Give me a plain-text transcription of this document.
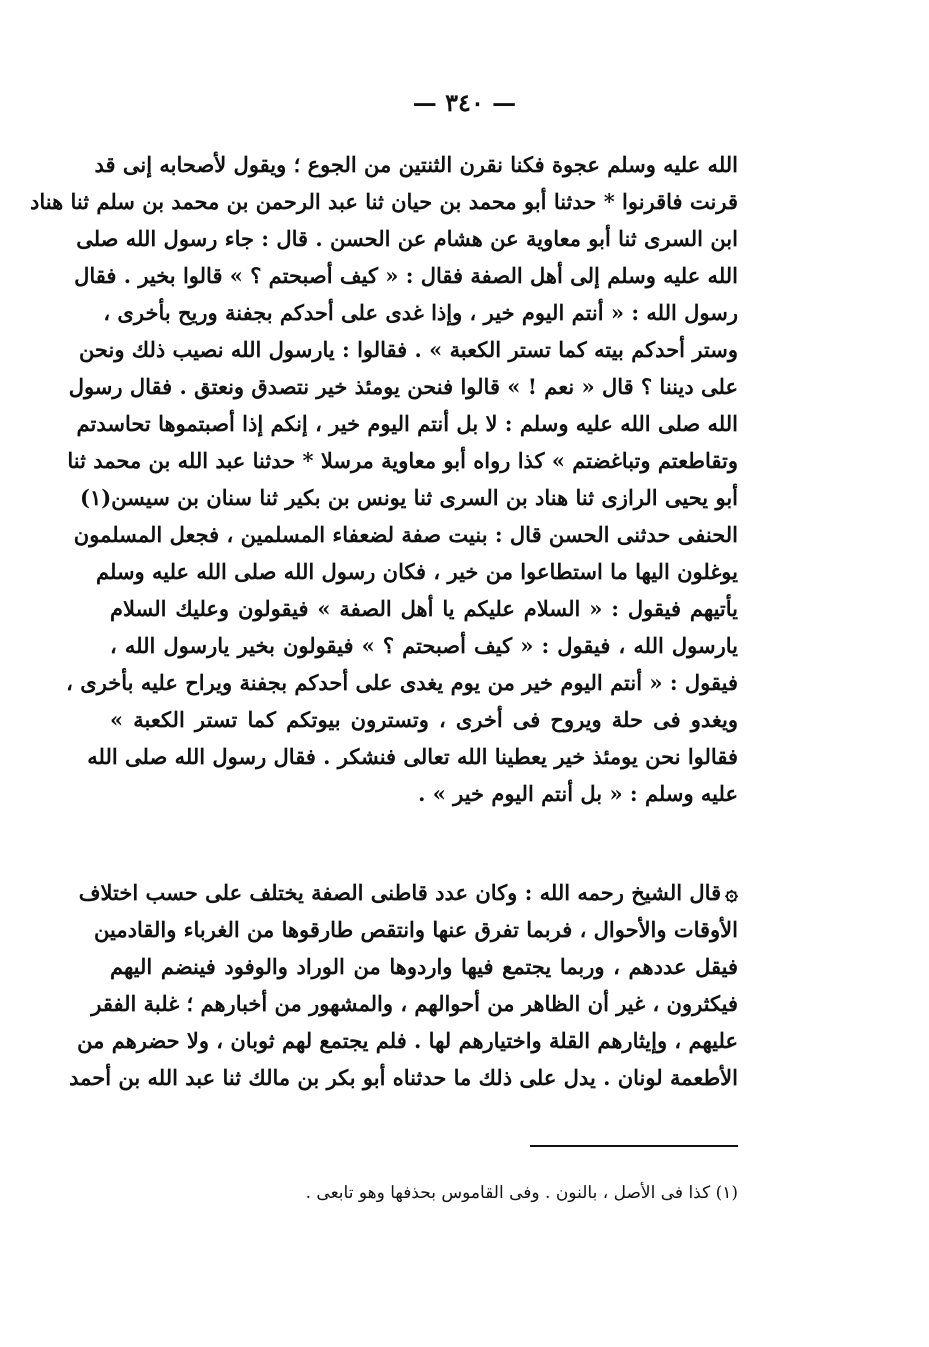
— ٣٤٠ —
الله عليه وسلم عجوة فكنا نقرن الثنتين من الجوع ؛ ويقول لأصحابه إنى قد
قرنت فاقرنوا * حدثنا أبو محمد بن حيان ثنا عبد الرحمن بن محمد بن سلم ثنا هناد
ابن السرى ثنا أبو معاوية عن هشام عن الحسن . قال : جاء رسول الله صلى
الله عليه وسلم إلى أهل الصفة فقال : « كيف أصبحتم ؟ » قالوا بخير . فقال
رسول الله : « أنتم اليوم خير ، وإذا غدى على أحدكم بجفنة وريح بأخرى ،
وستر أحدكم بيته كما تستر الكعبة » . فقالوا : يارسول الله نصيب ذلك ونحن
على ديننا ؟ قال « نعم ! » قالوا فنحن يومئذ خير نتصدق ونعتق . فقال رسول
الله صلى الله عليه وسلم : لا بل أنتم اليوم خير ، إنكم إذا أصبتموها تحاسدتم
وتقاطعتم وتباغضتم » كذا رواه أبو معاوية مرسلا * حدثنا عبد الله بن محمد ثنا
أبو يحيى الرازى ثنا هناد بن السرى ثنا يونس بن بكير ثنا سنان بن سيسن(١)
الحنفى حدثنى الحسن قال : بنيت صفة لضعفاء المسلمين ، فجعل المسلمون
يوغلون اليها ما استطاعوا من خير ، فكان رسول الله صلى الله عليه وسلم
يأتيهم فيقول : « السلام عليكم يا أهل الصفة » فيقولون وعليك السلام
يارسول الله ، فيقول : « كيف أصبحتم ؟ » فيقولون بخير يارسول الله ،
فيقول : « أنتم اليوم خير من يوم يغدى على أحدكم بجفنة ويراح عليه بأخرى ،
ويغدو فى حلة ويروح فى أخرى ، وتسترون بيوتكم كما تستر الكعبة »
فقالوا نحن يومئذ خير يعطينا الله تعالى فنشكر . فقال رسول الله صلى الله
عليه وسلم : « بل أنتم اليوم خير » .
۞قال الشيخ رحمه الله : وكان عدد قاطنى الصفة يختلف على حسب اختلاف
الأوقات والأحوال ، فربما تفرق عنها وانتقص طارقوها من الغرباء والقادمين
فيقل عددهم ، وربما يجتمع فيها واردوها من الوراد والوفود فينضم اليهم
فيكثرون ، غير أن الظاهر من أحوالهم ، والمشهور من أخبارهم ؛ غلبة الفقر
عليهم ، وإيثارهم القلة واختيارهم لها . فلم يجتمع لهم ثوبان ، ولا حضرهم من
الأطعمة لونان . يدل على ذلك ما حدثناه أبو بكر بن مالك ثنا عبد الله بن أحمد
(١) كذا فى الأصل ، بالنون . وفى القاموس بحذفها وهو تابعى .
